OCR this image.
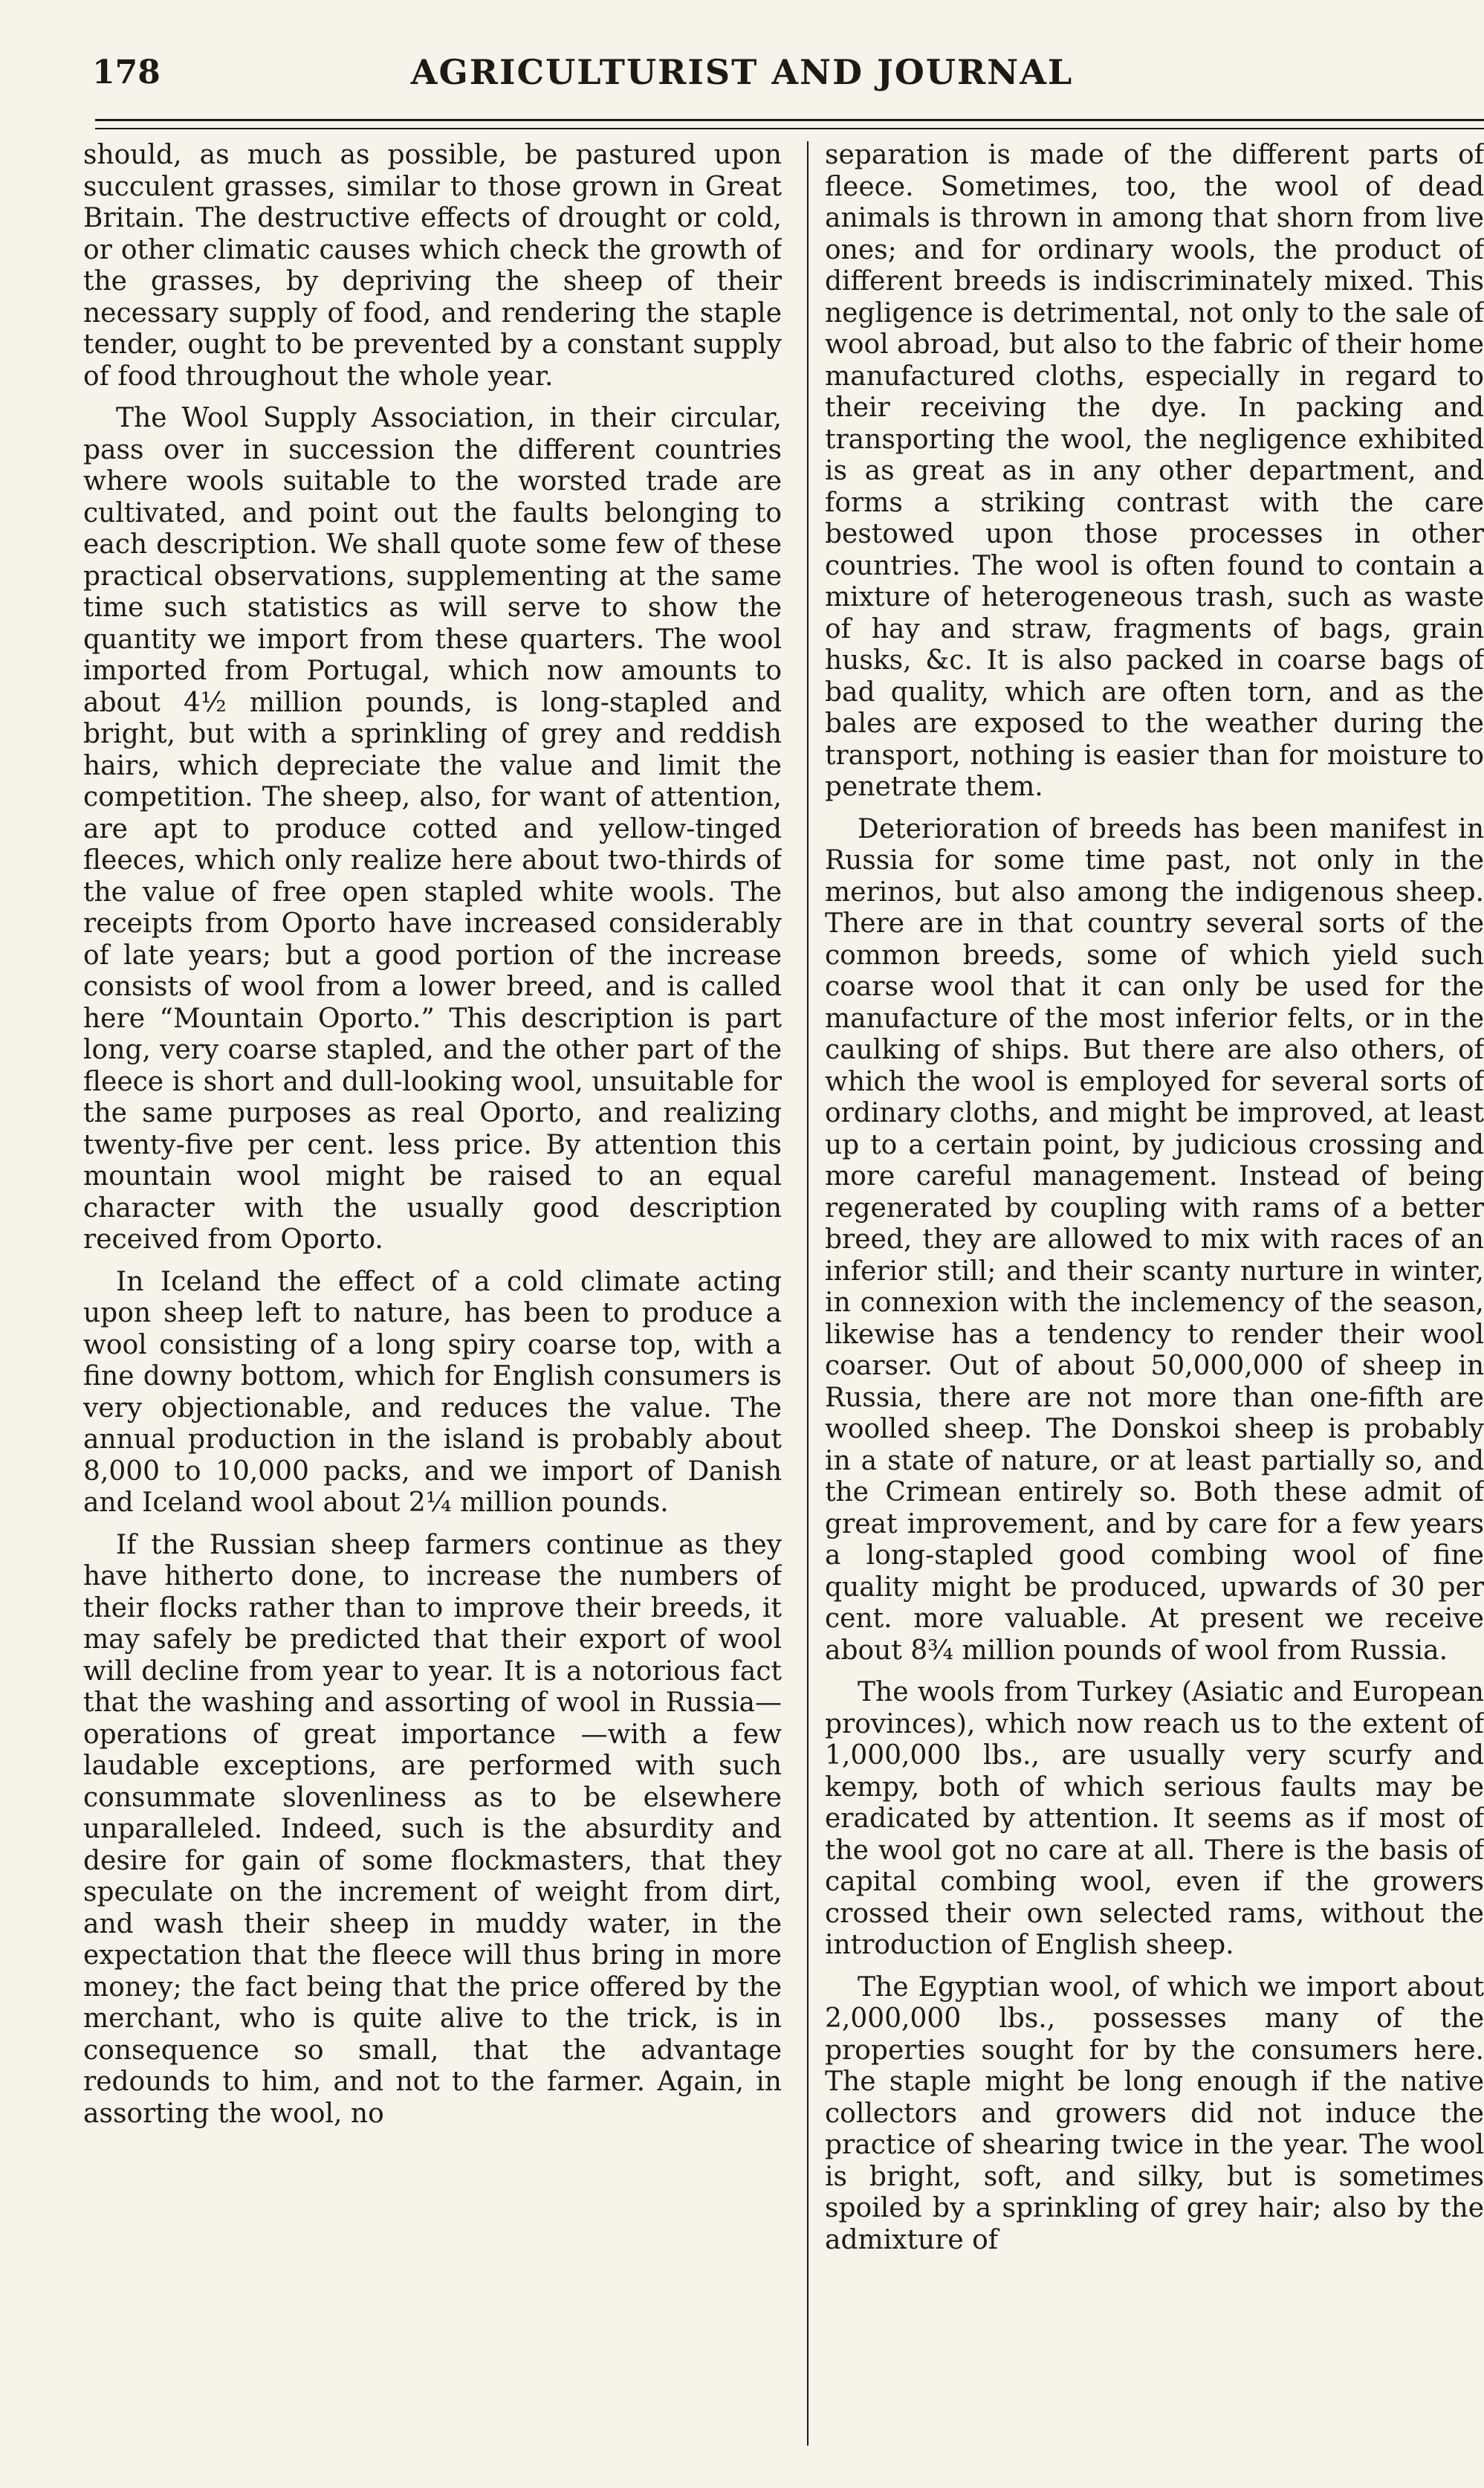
178	AGRICULTURIST AND JOURNAL

should, as much as possible, be pastured upon succulent grasses, similar to those grown in Great Britain. The destructive effects of drought or cold, or other climatic causes which check the growth of the grasses, by depriving the sheep of their necessary supply of food, and rendering the staple tender, ought to be prevented by a constant supply of food throughout the whole year.

The Wool Supply Association, in their circular, pass over in succession the different countries where wools suitable to the worsted trade are cultivated, and point out the faults belonging to each description. We shall quote some few of these practical observations, supplementing at the same time such statistics as will serve to show the quantity we import from these quarters. The wool imported from Portugal, which now amounts to about 4½ million pounds, is long-stapled and bright, but with a sprinkling of grey and reddish hairs, which depreciate the value and limit the competition. The sheep, also, for want of attention, are apt to produce cotted and yellow-tinged fleeces, which only realize here about two-thirds of the value of free open stapled white wools. The receipts from Oporto have increased considerably of late years; but a good portion of the increase consists of wool from a lower breed, and is called here “Mountain Oporto.” This description is part long, very coarse stapled, and the other part of the fleece is short and dull-looking wool, unsuitable for the same purposes as real Oporto, and realizing twenty-five per cent. less price. By attention this mountain wool might be raised to an equal character with the usually good description received from Oporto.

In Iceland the effect of a cold climate acting upon sheep left to nature, has been to produce a wool consisting of a long spiry coarse top, with a fine downy bottom, which for English consumers is very objectionable, and reduces the value. The annual production in the island is probably about 8,000 to 10,000 packs, and we import of Danish and Iceland wool about 2¼ million pounds.

If the Russian sheep farmers continue as they have hitherto done, to increase the numbers of their flocks rather than to improve their breeds, it may safely be predicted that their export of wool will decline from year to year. It is a notorious fact that the washing and assorting of wool in Russia—operations of great importance —with a few laudable exceptions, are performed with such consummate slovenliness as to be elsewhere unparalleled. Indeed, such is the absurdity and desire for gain of some flockmasters, that they speculate on the increment of weight from dirt, and wash their sheep in muddy water, in the expectation that the fleece will thus bring in more money; the fact being that the price offered by the merchant, who is quite alive to the trick, is in consequence so small, that the advantage redounds to him, and not to the farmer. Again, in assorting the wool, no

separation is made of the different parts of fleece. Sometimes, too, the wool of dead animals is thrown in among that shorn from live ones; and for ordinary wools, the product of different breeds is indiscriminately mixed. This negligence is detrimental, not only to the sale of wool abroad, but also to the fabric of their home manufactured cloths, especially in regard to their receiving the dye. In packing and transporting the wool, the negligence exhibited is as great as in any other department, and forms a striking contrast with the care bestowed upon those processes in other countries. The wool is often found to contain a mixture of heterogeneous trash, such as waste of hay and straw, fragments of bags, grain husks, &c. It is also packed in coarse bags of bad quality, which are often torn, and as the bales are exposed to the weather during the transport, nothing is easier than for moisture to penetrate them.

Deterioration of breeds has been manifest in Russia for some time past, not only in the merinos, but also among the indigenous sheep. There are in that country several sorts of the common breeds, some of which yield such coarse wool that it can only be used for the manufacture of the most inferior felts, or in the caulking of ships. But there are also others, of which the wool is employed for several sorts of ordinary cloths, and might be improved, at least up to a certain point, by judicious crossing and more careful management. Instead of being regenerated by coupling with rams of a better breed, they are allowed to mix with races of an inferior still; and their scanty nurture in winter, in connexion with the inclemency of the season, likewise has a tendency to render their wool coarser. Out of about 50,000,000 of sheep in Russia, there are not more than one-fifth are woolled sheep. The Donskoi sheep is probably in a state of nature, or at least partially so, and the Crimean entirely so. Both these admit of great improvement, and by care for a few years a long-stapled good combing wool of fine quality might be produced, upwards of 30 per cent. more valuable. At present we receive about 8¾ million pounds of wool from Russia.

The wools from Turkey (Asiatic and European provinces), which now reach us to the extent of 1,000,000 lbs., are usually very scurfy and kempy, both of which serious faults may be eradicated by attention. It seems as if most of the wool got no care at all. There is the basis of capital combing wool, even if the growers crossed their own selected rams, without the introduction of English sheep.

The Egyptian wool, of which we import about 2,000,000 lbs., possesses many of the properties sought for by the consumers here. The staple might be long enough if the native collectors and growers did not induce the practice of shearing twice in the year. The wool is bright, soft, and silky, but is sometimes spoiled by a sprinkling of grey hair; also by the admixture of
